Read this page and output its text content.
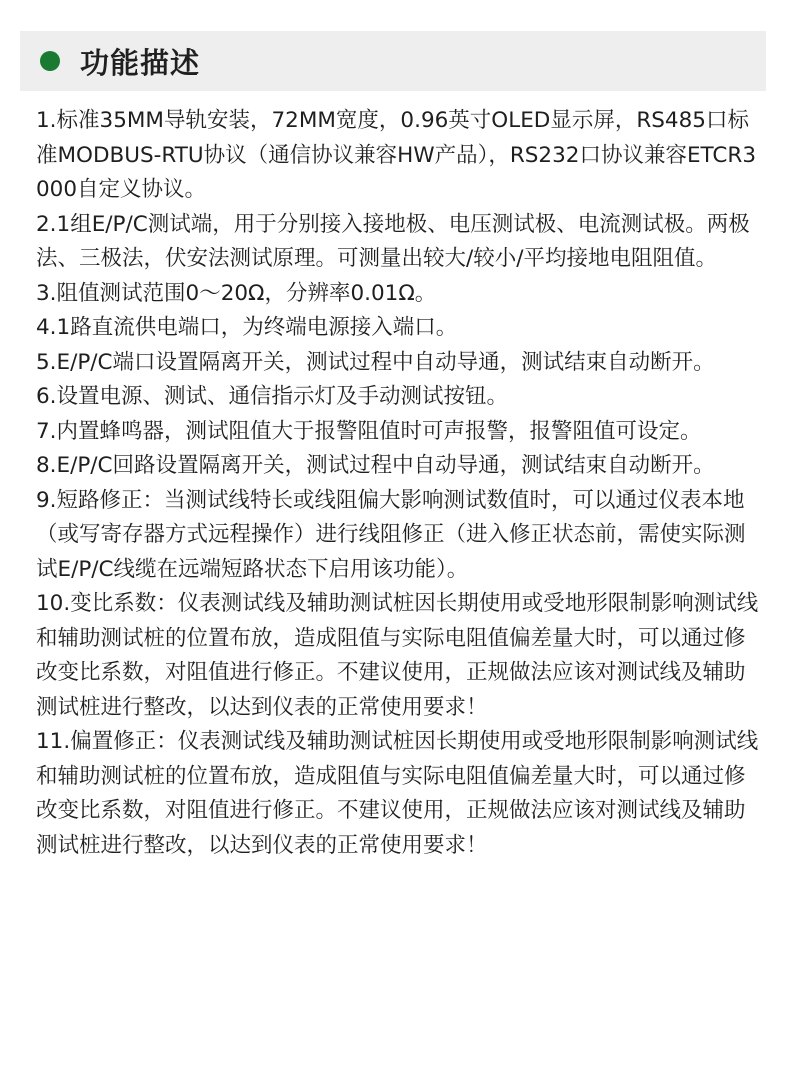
功能描述

1.标准35MM导轨安装，72MM宽度，0.96英寸OLED显示屏，RS485口标准MODBUS-RTU协议（通信协议兼容HW产品），RS232口协议兼容ETCR3000自定义协议。

2.1组E/P/C测试端，用于分别接入接地极、电压测试极、电流测试极。两极法、三极法，伏安法测试原理。可测量出较大/较小/平均接地电阻阻值。

3.阻值测试范围0～20Ω，分辨率0.01Ω。

4.1路直流供电端口，为终端电源接入端口。

5.E/P/C端口设置隔离开关，测试过程中自动导通，测试结束自动断开。

6.设置电源、测试、通信指示灯及手动测试按钮。

7.内置蜂鸣器，测试阻值大于报警阻值时可声报警，报警阻值可设定。

8.E/P/C回路设置隔离开关，测试过程中自动导通，测试结束自动断开。

9.短路修正：当测试线特长或线阻偏大影响测试数值时，可以通过仪表本地（或写寄存器方式远程操作）进行线阻修正（进入修正状态前，需使实际测试E/P/C线缆在远端短路状态下启用该功能）。

10.变比系数：仪表测试线及辅助测试桩因长期使用或受地形限制影响测试线和辅助测试桩的位置布放，造成阻值与实际电阻值偏差量大时，可以通过修改变比系数，对阻值进行修正。不建议使用，正规做法应该对测试线及辅助测试桩进行整改，以达到仪表的正常使用要求！

11.偏置修正：仪表测试线及辅助测试桩因长期使用或受地形限制影响测试线和辅助测试桩的位置布放，造成阻值与实际电阻值偏差量大时，可以通过修改变比系数，对阻值进行修正。不建议使用，正规做法应该对测试线及辅助测试桩进行整改，以达到仪表的正常使用要求！
